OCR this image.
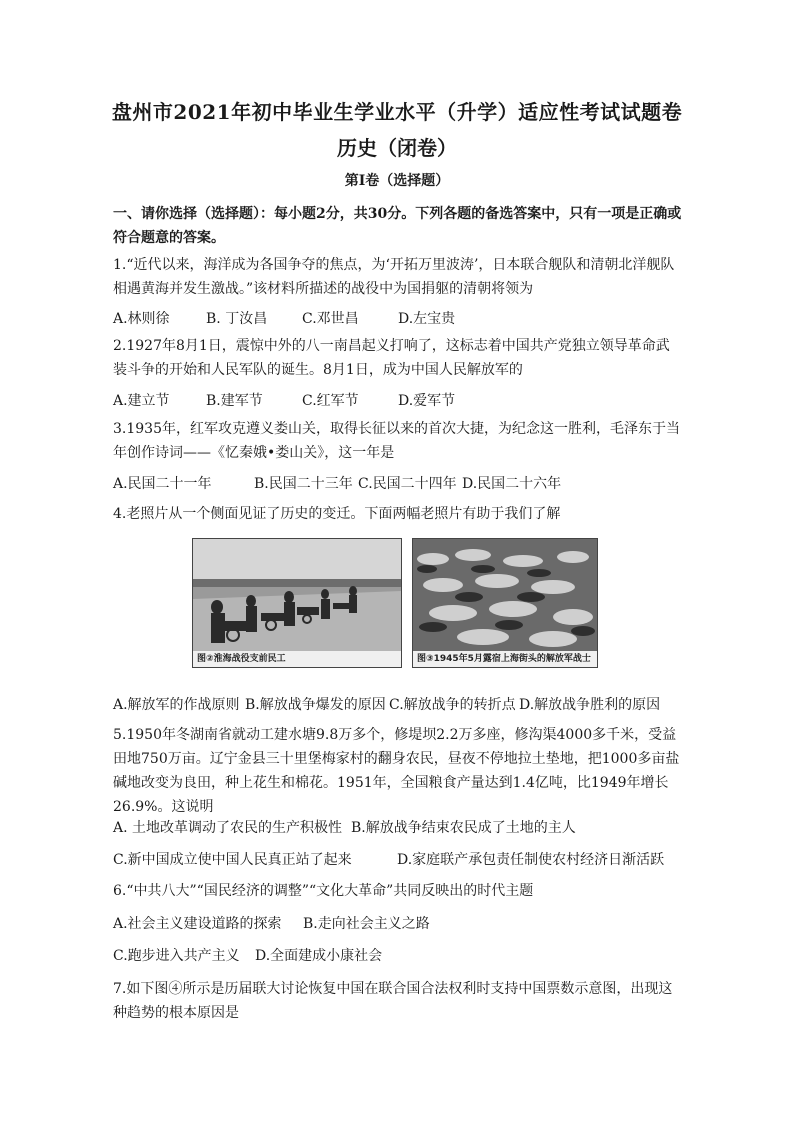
盘州市2021年初中毕业生学业水平（升学）适应性考试试题卷
历史（闭卷）
第I卷（选择题）

一、请你选择（选择题）：每小题2分，共30分。下列各题的备选答案中，只有一项是正确或符合题意的答案。

1.“近代以来，海洋成为各国争夺的焦点，为‘开拓万里波涛’，日本联合舰队和清朝北洋舰队相遇黄海并发生激战。”该材料所描述的战役中为国捐躯的清朝将领为

A.林则徐	B. 丁汝昌 C.邓世昌	D.左宝贵

2.1927年8月1日，震惊中外的八一南昌起义打响了，这标志着中国共产党独立领导革命武装斗争的开始和人民军队的诞生。8月1日，成为中国人民解放军的

A.建立节	B.建军节	C.红军节	D.爱军节

3.1935年，红军攻克遵义娄山关，取得长征以来的首次大捷，为纪念这一胜利，毛泽东于当年创作诗词——《忆秦娥•娄山关》，这一年是

A.民国二十一年	B.民国二十三年 C.民国二十四年 D.民国二十六年

4.老照片从一个侧面见证了历史的变迁。下面两幅老照片有助于我们了解

图②淮海战役支前民工	图③1945年5月露宿上海街头的解放军战士
A.解放军的作战原则 B.解放战争爆发的原因 C.解放战争的转折点 D.解放战争胜利的原因

5.1950年冬湖南省就动工建水塘9.8万多个，修堤坝2.2万多座，修沟渠4000多千米，受益田地750万亩。辽宁金县三十里堡梅家村的翻身农民，昼夜不停地拉土垫地，把1000多亩盐碱地改变为良田，种上花生和棉花。1951年，全国粮食产量达到1.4亿吨，比1949年增长26.9%。这说明

A. 土地改革调动了农民的生产积极性 B.解放战争结束农民成了土地的主人
C.新中国成立使中国人民真正站了起来	D.家庭联产承包责任制使农村经济日渐活跃

6.“中共八大”“国民经济的调整”“文化大革命”共同反映出的时代主题

A.社会主义建设道路的探索 B.走向社会主义之路
C.跑步进入共产主义 D.全面建成小康社会

7.如下图④所示是历届联大讨论恢复中国在联合国合法权利时支持中国票数示意图，出现这种趋势的根本原因是
